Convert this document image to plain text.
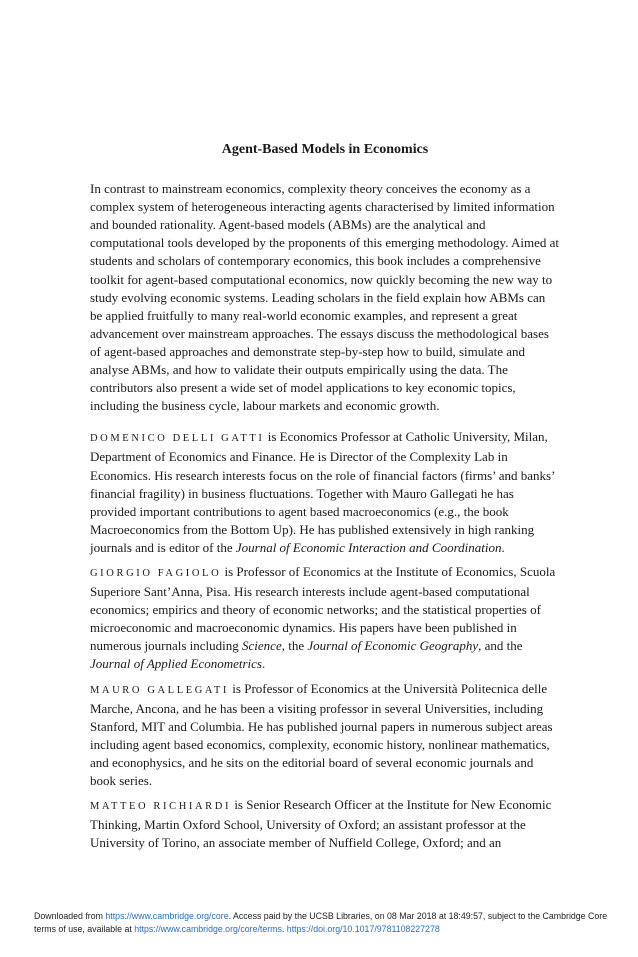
Agent-Based Models in Economics

In contrast to mainstream economics, complexity theory conceives the economy as a complex system of heterogeneous interacting agents characterised by limited information and bounded rationality. Agent-based models (ABMs) are the analytical and computational tools developed by the proponents of this emerging methodology. Aimed at students and scholars of contemporary economics, this book includes a comprehensive toolkit for agent-based computational economics, now quickly becoming the new way to study evolving economic systems. Leading scholars in the field explain how ABMs can be applied fruitfully to many real-world economic examples, and represent a great advancement over mainstream approaches. The essays discuss the methodological bases of agent-based approaches and demonstrate step-by-step how to build, simulate and analyse ABMs, and how to validate their outputs empirically using the data. The contributors also present a wide set of model applications to key economic topics, including the business cycle, labour markets and economic growth.

DOMENICO DELLI GATTI is Economics Professor at Catholic University, Milan, Department of Economics and Finance. He is Director of the Complexity Lab in Economics. His research interests focus on the role of financial factors (firms’ and banks’ financial fragility) in business fluctuations. Together with Mauro Gallegati he has provided important contributions to agent based macroeconomics (e.g., the book Macroeconomics from the Bottom Up). He has published extensively in high ranking journals and is editor of the Journal of Economic Interaction and Coordination.

GIORGIO FAGIOLO is Professor of Economics at the Institute of Economics, Scuola Superiore Sant’Anna, Pisa. His research interests include agent-based computational economics; empirics and theory of economic networks; and the statistical properties of microeconomic and macroeconomic dynamics. His papers have been published in numerous journals including Science, the Journal of Economic Geography, and the Journal of Applied Econometrics.

MAURO GALLEGATI is Professor of Economics at the Università Politecnica delle Marche, Ancona, and he has been a visiting professor in several Universities, including Stanford, MIT and Columbia. He has published journal papers in numerous subject areas including agent based economics, complexity, economic history, nonlinear mathematics, and econophysics, and he sits on the editorial board of several economic journals and book series.

MATTEO RICHIARDI is Senior Research Officer at the Institute for New Economic Thinking, Martin Oxford School, University of Oxford; an assistant professor at the University of Torino, an associate member of Nuffield College, Oxford; and an

Downloaded from https://www.cambridge.org/core. Access paid by the UCSB Libraries, on 08 Mar 2018 at 18:49:57, subject to the Cambridge Core terms of use, available at https://www.cambridge.org/core/terms. https://doi.org/10.1017/9781108227278
